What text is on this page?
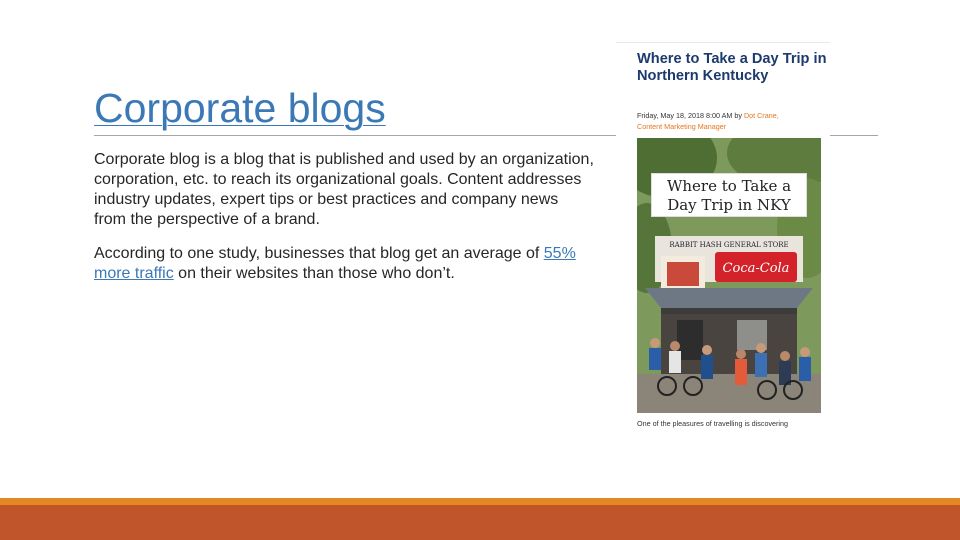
Corporate blogs

Corporate blog is a blog that is published and used by an organization, corporation, etc. to reach its organizational goals. Content addresses industry updates, expert tips or best practices and company news from the perspective of a brand.

According to one study, businesses that blog get an average of 55% more traffic on their websites than those who don’t.

Where to Take a Day Trip in Northern Kentucky
Friday, May 18, 2018 8:00 AM by Dot Crane,
Content Marketing Manager
RABBIT HASH GENERAL STORE
Coca-Cola
Where to Take a Day Trip in NKY
One of the pleasures of travelling is discovering
